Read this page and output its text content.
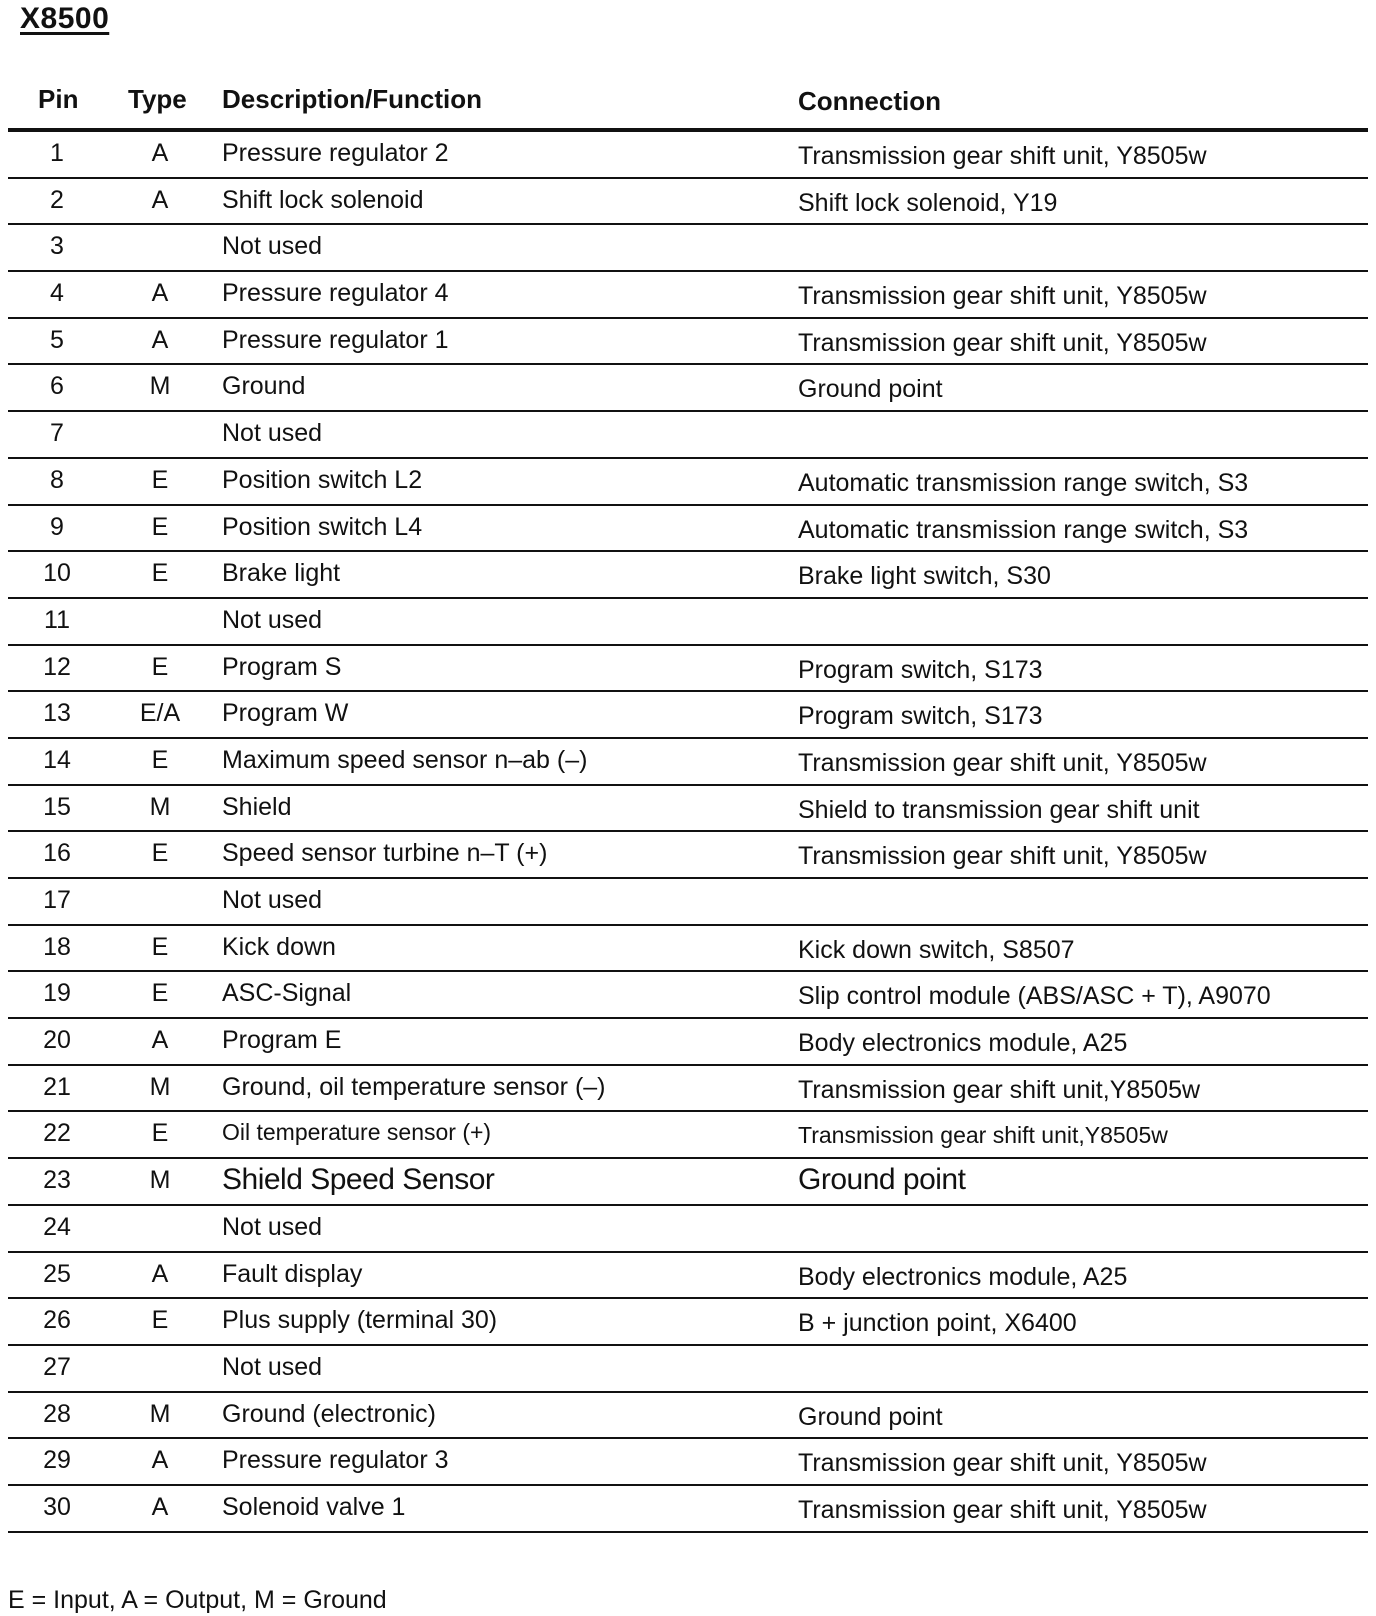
X8500
Pin Type Description/Function	Connection
1	A	Pressure regulator 2	Transmission gear shift unit, Y8505w
2	A	Shift lock solenoid	Shift lock solenoid, Y19
3	Not used
4	A	Pressure regulator 4	Transmission gear shift unit, Y8505w
5	A	Pressure regulator 1	Transmission gear shift unit, Y8505w
6	M	Ground	Ground point
7	Not used
8	E	Position switch L2	Automatic transmission range switch, S3
9	E	Position switch L4	Automatic transmission range switch, S3
10	E	Brake light	Brake light switch, S30
11	Not used
12	E	Program S	Program switch, S173
13	E/A	Program W	Program switch, S173
14	E	Maximum speed sensor n–ab (–)	Transmission gear shift unit, Y8505w
15	M	Shield	Shield to transmission gear shift unit
16	E	Speed sensor turbine n–T (+)	Transmission gear shift unit, Y8505w
17	Not used
18	E	Kick down	Kick down switch, S8507
19	E	ASC-Signal	Slip control module (ABS/ASC + T), A9070
20	A	Program E	Body electronics module, A25
21	M	Ground, oil temperature sensor (–)	Transmission gear shift unit,Y8505w
22	E	Oil temperature sensor (+)	Transmission gear shift unit,Y8505w
23	M	Shield Speed Sensor	Ground point
24	Not used
25	A	Fault display	Body electronics module, A25
26	E	Plus supply (terminal 30)	B + junction point, X6400
27	Not used
28	M	Ground (electronic)	Ground point
29	A	Pressure regulator 3	Transmission gear shift unit, Y8505w
30	A	Solenoid valve 1	Transmission gear shift unit, Y8505w
E = Input, A = Output, M = Ground
